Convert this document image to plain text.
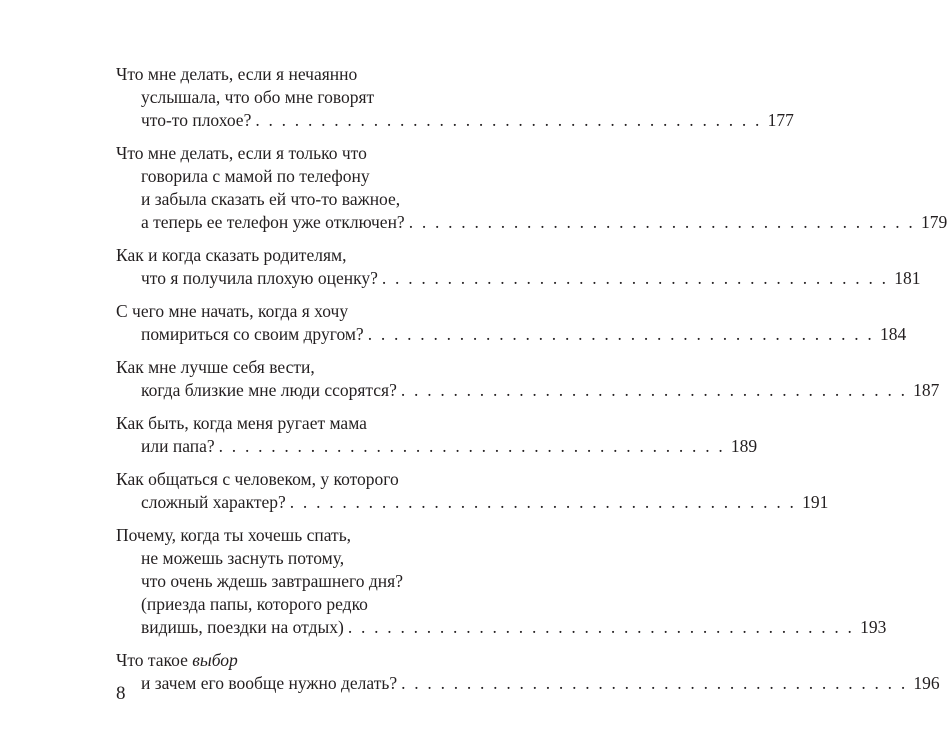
Что мне делать, если я нечаянно
услышала, что обо мне говорят
что-то плохое? . . . . . . . . . . . . . . . . . . . . . . . . . . . . . . . . . . . . . . . 177
Что мне делать, если я только что
говорила с мамой по телефону
и забыла сказать ей что-то важное,
а теперь ее телефон уже отключен? . . . . . . . . . . . . . . . . . . . . . . . . . . . . . . . . . . . . . . . 179
Как и когда сказать родителям,
что я получила плохую оценку? . . . . . . . . . . . . . . . . . . . . . . . . . . . . . . . . . . . . . . . 181
С чего мне начать, когда я хочу
помириться со своим другом? . . . . . . . . . . . . . . . . . . . . . . . . . . . . . . . . . . . . . . . 184
Как мне лучше себя вести,
когда близкие мне люди ссорятся? . . . . . . . . . . . . . . . . . . . . . . . . . . . . . . . . . . . . . . . 187
Как быть, когда меня ругает мама
или папа? . . . . . . . . . . . . . . . . . . . . . . . . . . . . . . . . . . . . . . . 189
Как общаться с человеком, у которого
сложный характер? . . . . . . . . . . . . . . . . . . . . . . . . . . . . . . . . . . . . . . . 191
Почему, когда ты хочешь спать,
не можешь заснуть потому,
что очень ждешь завтрашнего дня?
(приезда папы, которого редко
видишь, поездки на отдых) . . . . . . . . . . . . . . . . . . . . . . . . . . . . . . . . . . . . . . . 193
Что такое выбор
и зачем его вообще нужно делать? . . . . . . . . . . . . . . . . . . . . . . . . . . . . . . . . . . . . . . . 196
8
